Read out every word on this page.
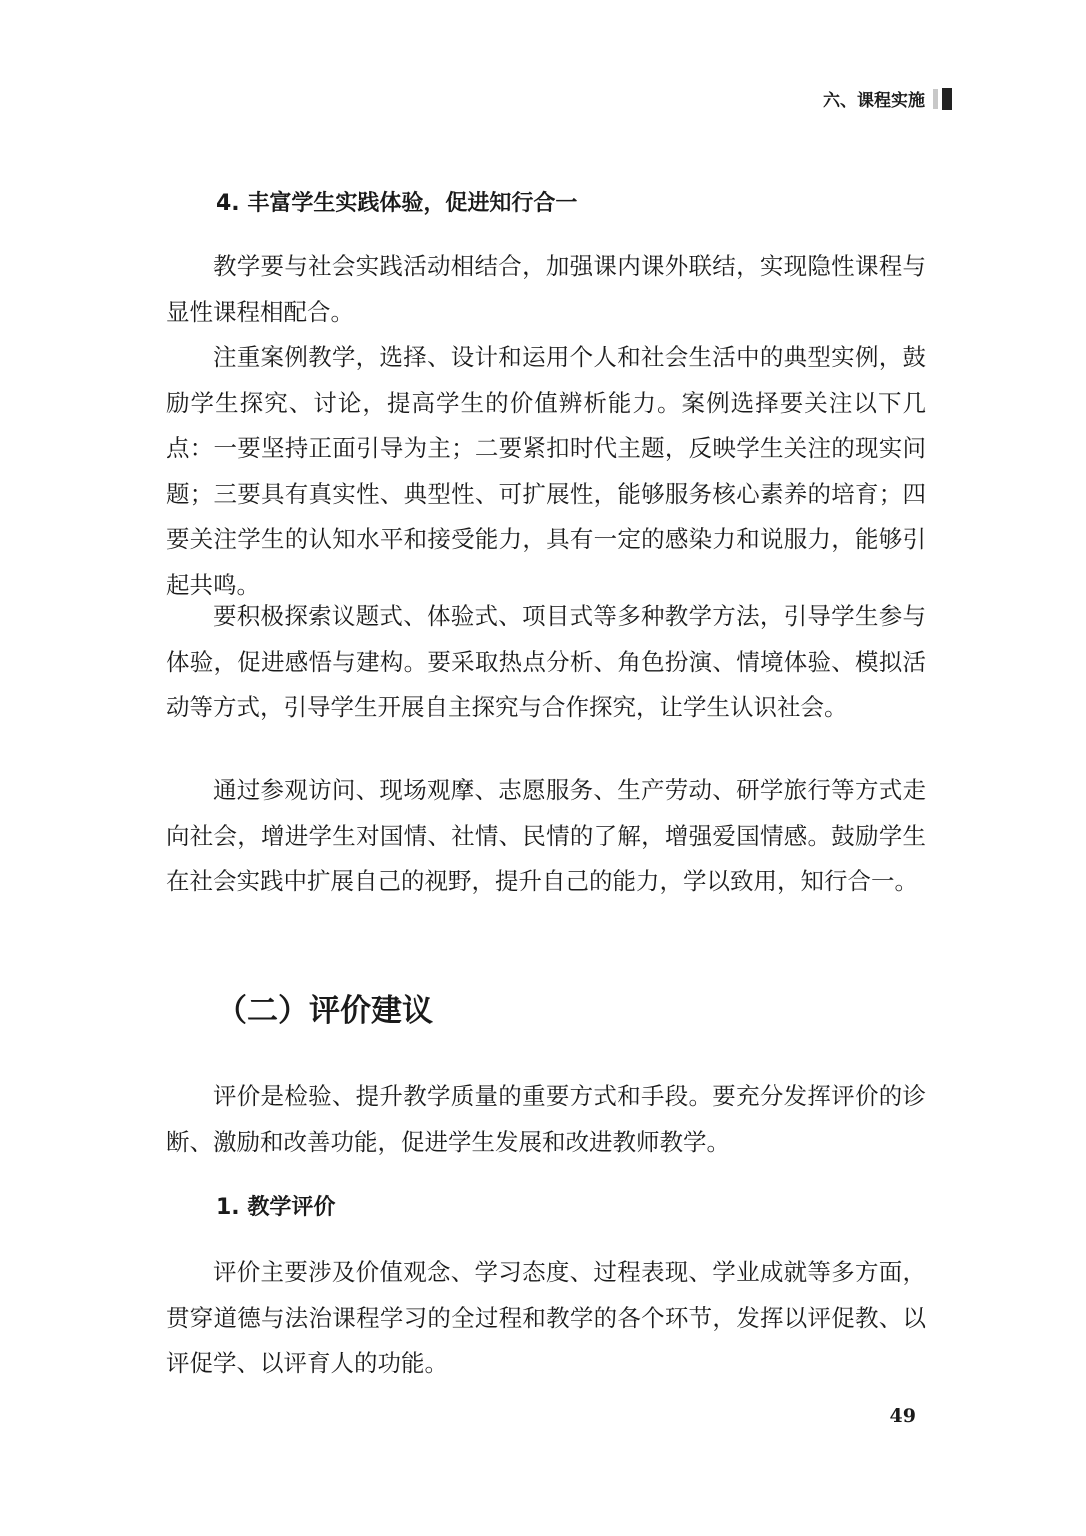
六、课程实施
4. 丰富学生实践体验，促进知行合一

教学要与社会实践活动相结合，加强课内课外联结，实现隐性课程与显性课程相配合。

注重案例教学，选择、设计和运用个人和社会生活中的典型实例，鼓励学生探究、讨论，提高学生的价值辨析能力。案例选择要关注以下几点：一要坚持正面引导为主；二要紧扣时代主题，反映学生关注的现实问题；三要具有真实性、典型性、可扩展性，能够服务核心素养的培育；四要关注学生的认知水平和接受能力，具有一定的感染力和说服力，能够引起共鸣。

要积极探索议题式、体验式、项目式等多种教学方法，引导学生参与体验，促进感悟与建构。要采取热点分析、角色扮演、情境体验、模拟活动等方式，引导学生开展自主探究与合作探究，让学生认识社会。

通过参观访问、现场观摩、志愿服务、生产劳动、研学旅行等方式走向社会，增进学生对国情、社情、民情的了解，增强爱国情感。鼓励学生在社会实践中扩展自己的视野，提升自己的能力，学以致用，知行合一。

（二）评价建议

评价是检验、提升教学质量的重要方式和手段。要充分发挥评价的诊断、激励和改善功能，促进学生发展和改进教师教学。

1. 教学评价

评价主要涉及价值观念、学习态度、过程表现、学业成就等多方面，贯穿道德与法治课程学习的全过程和教学的各个环节，发挥以评促教、以评促学、以评育人的功能。

49
